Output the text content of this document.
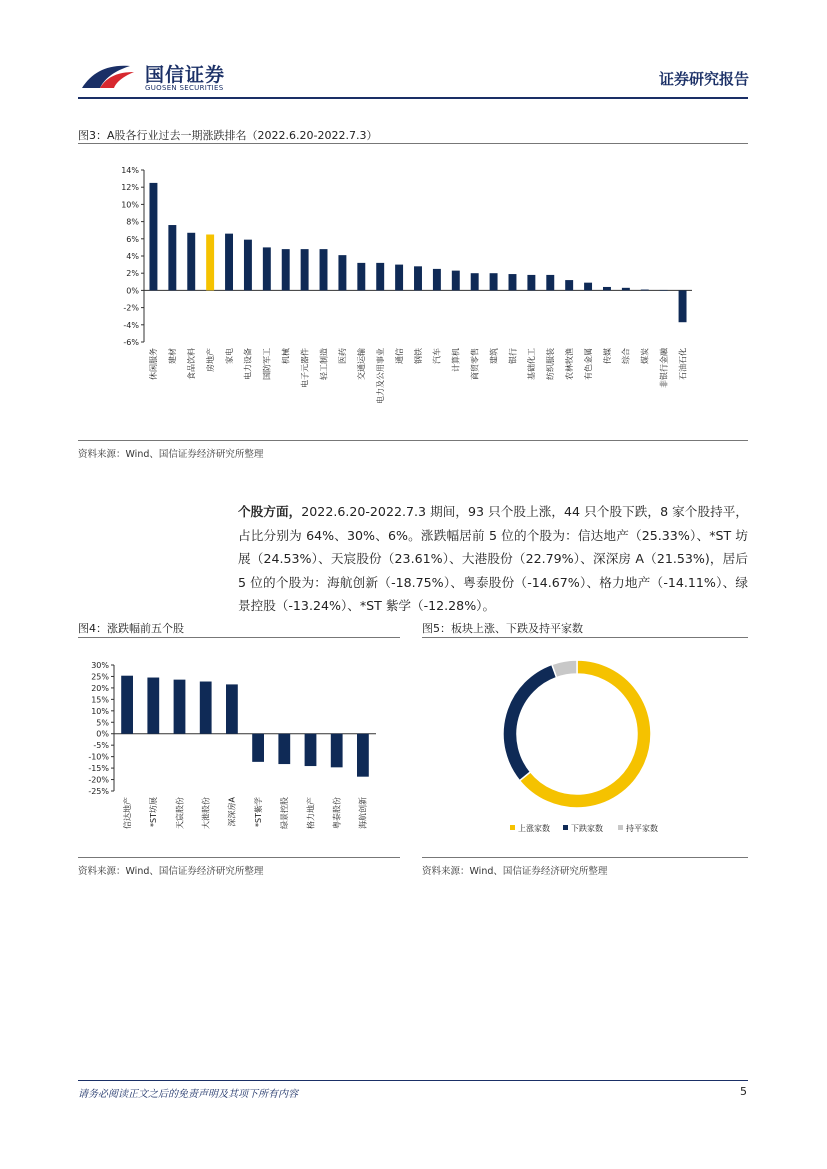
国信证券
GUOSEN SECURITIES	证券研究报告
图3：A股各行业过去一期涨跌排名（2022.6.20-2022.7.3）
14%
12%
10%
8%
6%
4%
2%
0%
-2%
-4%
-6%
休闲服务 建材 食品饮料 房地产 家电 电力设备 国防军工 机械 电子元器件 轻工制造 医药 交通运输 电力及公用事业 通信 钢铁 汽车 计算机 商贸零售 建筑 银行 基础化工 纺织服装 农林牧渔 有色金属 传媒 综合 煤炭 非银行金融 石油石化
资料来源：Wind、国信证券经济研究所整理
个股方面，2022.6.20-2022.7.3 期间，93 只个股上涨，44 只个股下跌，8 家个股持平，占比分别为 64%、30%、6%。涨跌幅居前 5 位的个股为：信达地产（25.33%）、*ST 坊展（24.53%）、天宸股份（23.61%）、大港股份（22.79%）、深深房 A（21.53%)，居后 5 位的个股为：海航创新（-18.75%）、粤泰股份（-14.67%）、格力地产（-14.11%）、绿景控股（-13.24%）、*ST 紫学（-12.28%）。
图4：涨跌幅前五个股
30%
25%
20%
15%
10%
5%
0%
-5%
-10%
-15%
-20%
-25%
信达地产 *ST坊展 天宸股份 大港股份 深深房A *ST紫学 绿景控股 格力地产 粤泰股份 海航创新
资料来源：Wind、国信证券经济研究所整理
图5：板块上涨、下跌及持平家数
上涨家数	下跌家数	持平家数
资料来源：Wind、国信证券经济研究所整理
请务必阅读正文之后的免责声明及其项下所有内容	5
